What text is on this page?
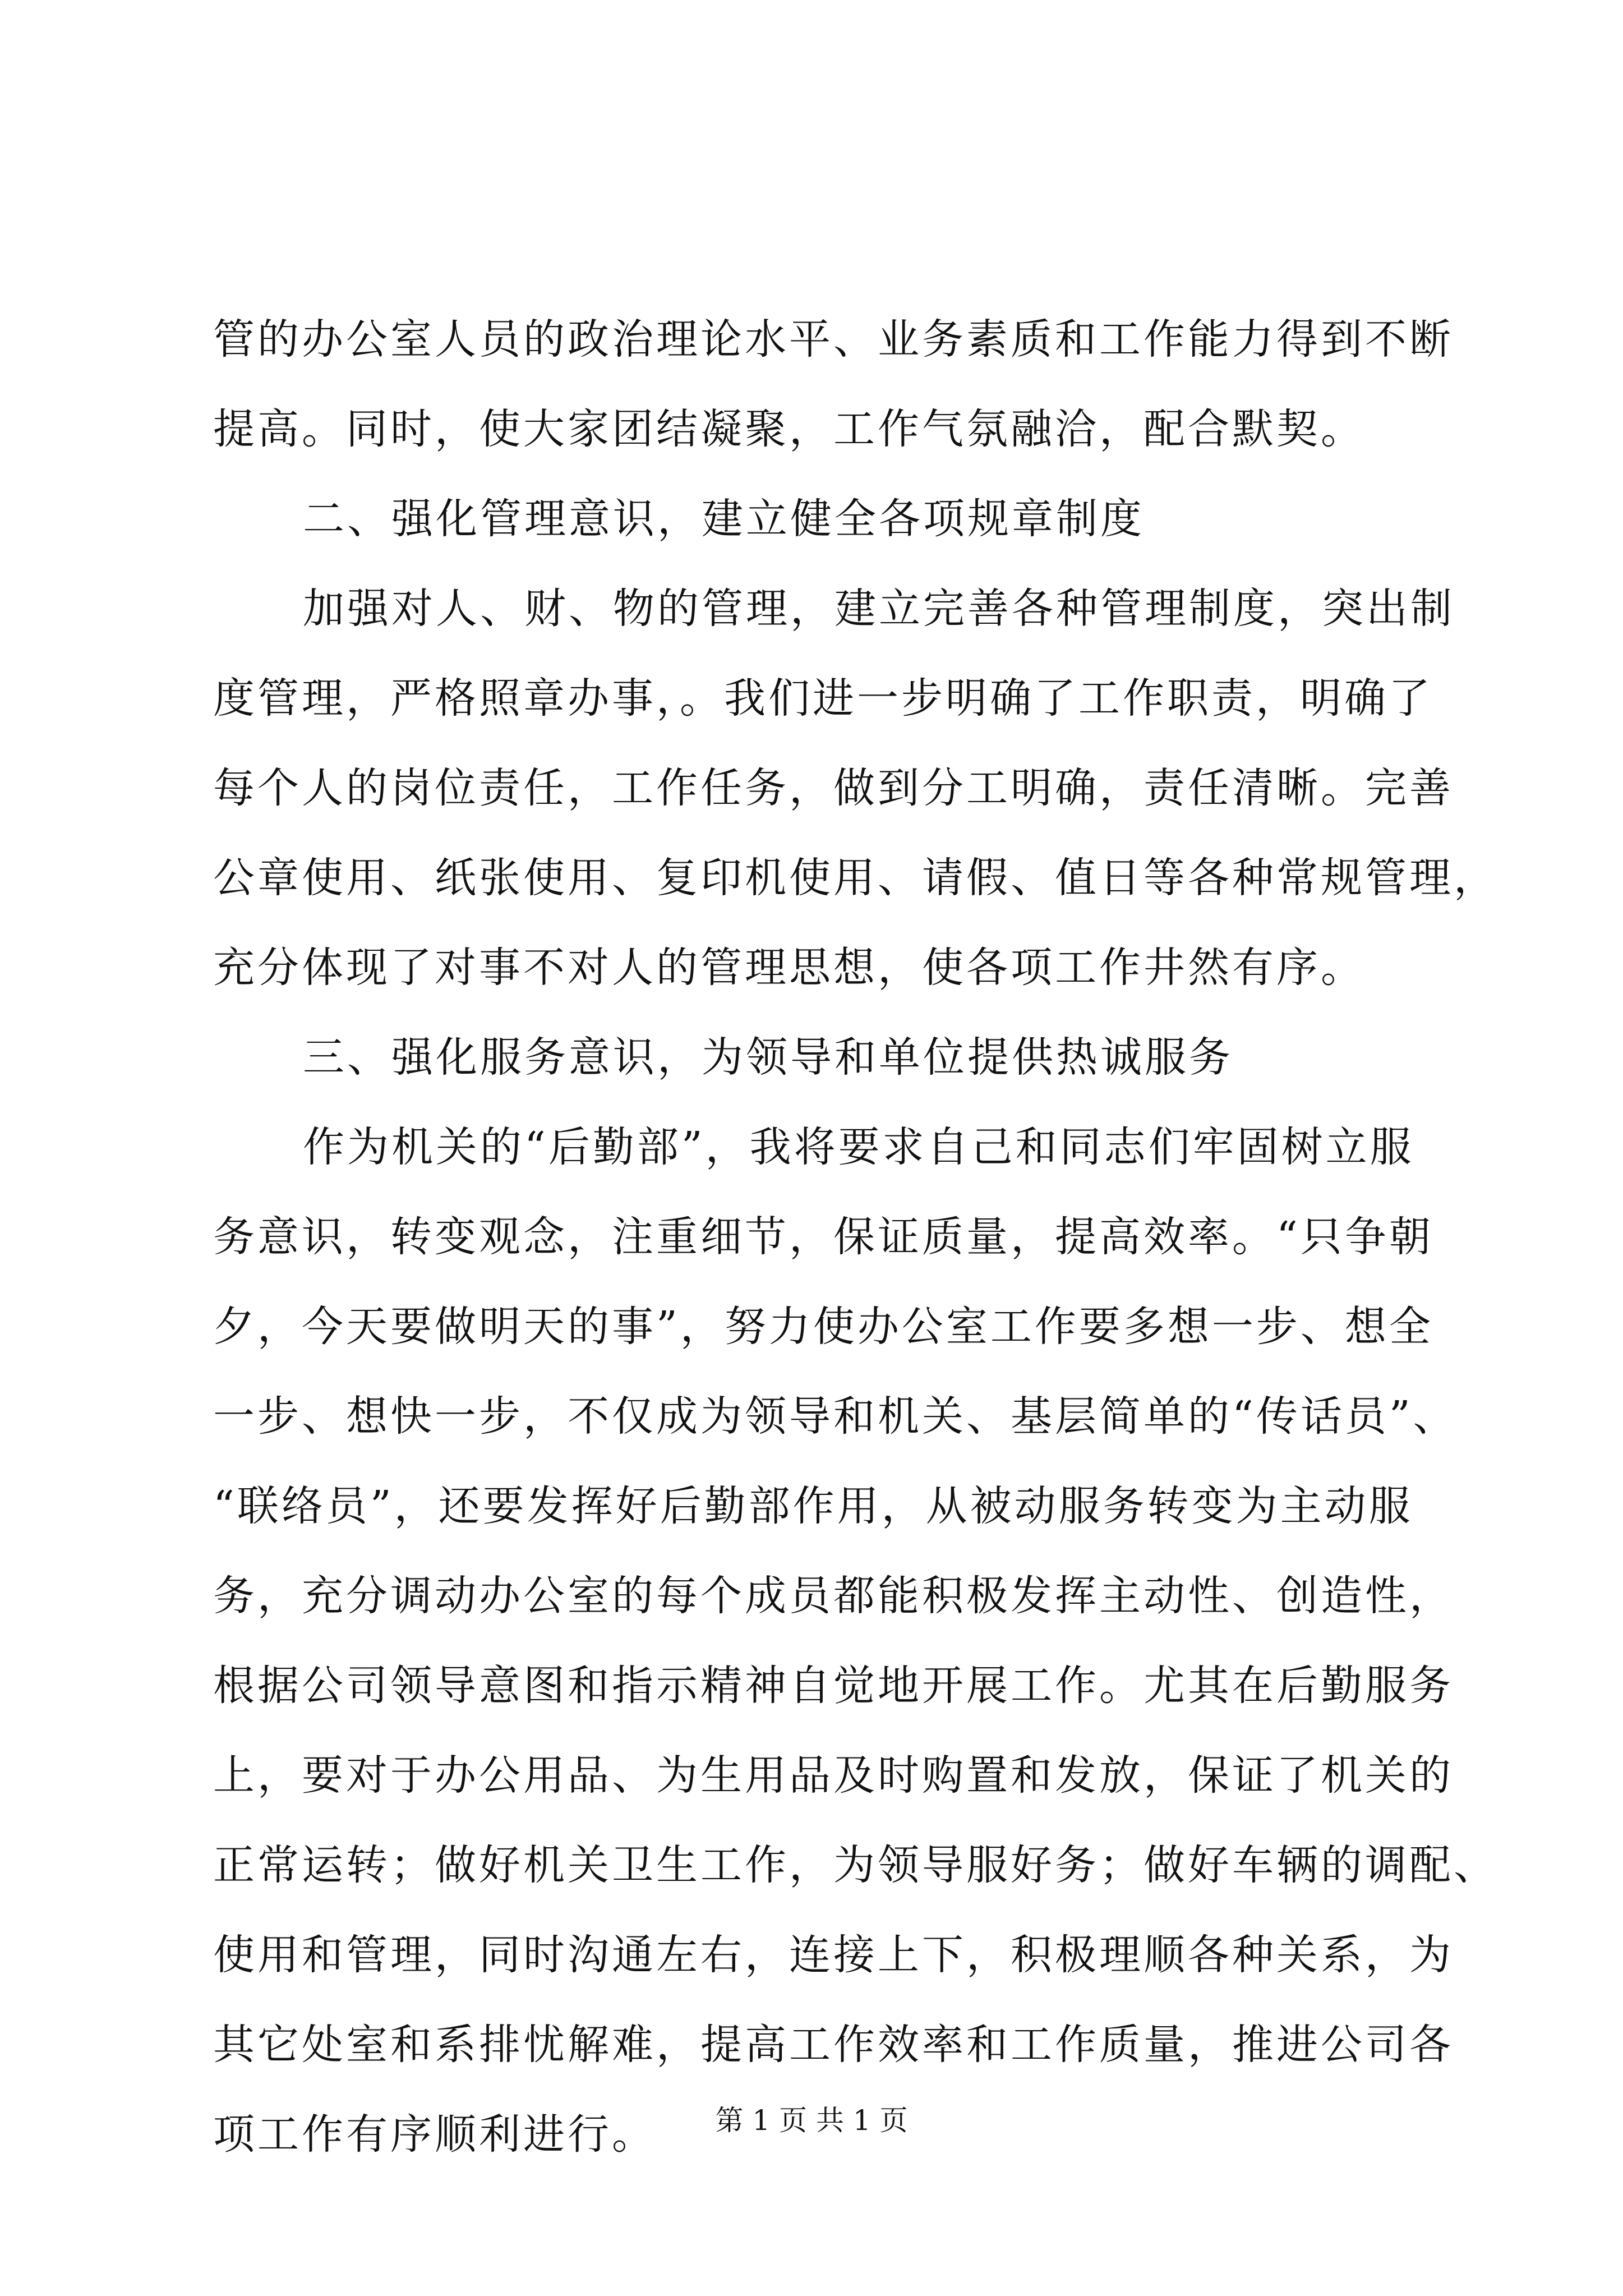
管的办公室人员的政治理论水平、业务素质和工作能力得到不断
提高。同时，使大家团结凝聚，工作气氛融洽，配合默契。
二、强化管理意识，建立健全各项规章制度
加强对人、财、物的管理，建立完善各种管理制度，突出制
度管理，严格照章办事，。我们进一步明确了工作职责，明确了
每个人的岗位责任，工作任务，做到分工明确，责任清晰。完善
公章使用、纸张使用、复印机使用、请假、值日等各种常规管理，
充分体现了对事不对人的管理思想，使各项工作井然有序。
三、强化服务意识，为领导和单位提供热诚服务
作为机关的“后勤部”，我将要求自己和同志们牢固树立服
务意识，转变观念，注重细节，保证质量，提高效率。“只争朝
夕，今天要做明天的事”，努力使办公室工作要多想一步、想全
一步、想快一步，不仅成为领导和机关、基层简单的“传话员”、
“联络员”，还要发挥好后勤部作用，从被动服务转变为主动服
务，充分调动办公室的每个成员都能积极发挥主动性、创造性，
根据公司领导意图和指示精神自觉地开展工作。尤其在后勤服务
上，要对于办公用品、为生用品及时购置和发放，保证了机关的
正常运转；做好机关卫生工作，为领导服好务；做好车辆的调配、
使用和管理，同时沟通左右，连接上下，积极理顺各种关系，为
其它处室和系排忧解难，提高工作效率和工作质量，推进公司各
项工作有序顺利进行。	第 1 页 共 1 页
